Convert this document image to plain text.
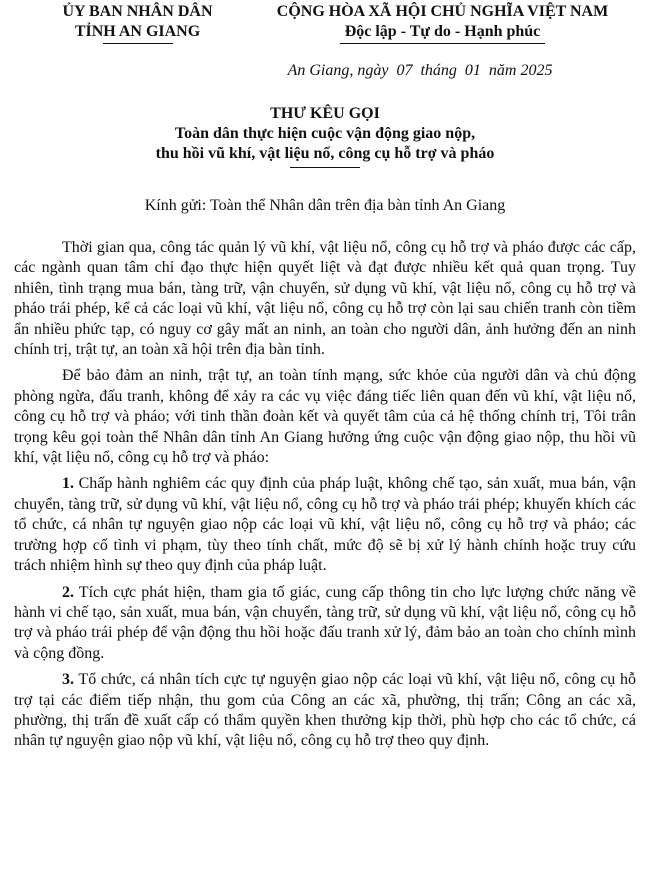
ỦY BAN NHÂN DÂN
TỈNH AN GIANG
CỘNG HÒA XÃ HỘI CHỦ NGHĨA VIỆT NAM
Độc lập - Tự do - Hạnh phúc
An Giang, ngày  07  tháng  01  năm 2025
THƯ KÊU GỌI
Toàn dân thực hiện cuộc vận động giao nộp,
thu hồi vũ khí, vật liệu nổ, công cụ hỗ trợ và pháo
Kính gửi: Toàn thể Nhân dân trên địa bàn tỉnh An Giang

Thời gian qua, công tác quản lý vũ khí, vật liệu nổ, công cụ hỗ trợ và pháo được các cấp, các ngành quan tâm chỉ đạo thực hiện quyết liệt và đạt được nhiều kết quả quan trọng. Tuy nhiên, tình trạng mua bán, tàng trữ, vận chuyển, sử dụng vũ khí, vật liệu nổ, công cụ hỗ trợ và pháo trái phép, kể cả các loại vũ khí, vật liệu nổ, công cụ hỗ trợ còn lại sau chiến tranh còn tiềm ẩn nhiều phức tạp, có nguy cơ gây mất an ninh, an toàn cho người dân, ảnh hưởng đến an ninh chính trị, trật tự, an toàn xã hội trên địa bàn tỉnh.

Để bảo đảm an ninh, trật tự, an toàn tính mạng, sức khỏe của người dân và chủ động phòng ngừa, đấu tranh, không để xảy ra các vụ việc đáng tiếc liên quan đến vũ khí, vật liệu nổ, công cụ hỗ trợ và pháo; với tinh thần đoàn kết và quyết tâm của cả hệ thống chính trị, Tôi trân trọng kêu gọi toàn thể Nhân dân tỉnh An Giang hưởng ứng cuộc vận động giao nộp, thu hồi vũ khí, vật liệu nổ, công cụ hỗ trợ và pháo:

1. Chấp hành nghiêm các quy định của pháp luật, không chế tạo, sản xuất, mua bán, vận chuyển, tàng trữ, sử dụng vũ khí, vật liệu nổ, công cụ hỗ trợ và pháo trái phép; khuyến khích các tổ chức, cá nhân tự nguyện giao nộp các loại vũ khí, vật liệu nổ, công cụ hỗ trợ và pháo; các trường hợp cố tình vi phạm, tùy theo tính chất, mức độ sẽ bị xử lý hành chính hoặc truy cứu trách nhiệm hình sự theo quy định của pháp luật.

2. Tích cực phát hiện, tham gia tố giác, cung cấp thông tin cho lực lượng chức năng về hành vi chế tạo, sản xuất, mua bán, vận chuyển, tàng trữ, sử dụng vũ khí, vật liệu nổ, công cụ hỗ trợ và pháo trái phép để vận động thu hồi hoặc đấu tranh xử lý, đảm bảo an toàn cho chính mình và cộng đồng.

3. Tổ chức, cá nhân tích cực tự nguyện giao nộp các loại vũ khí, vật liệu nổ, công cụ hỗ trợ tại các điểm tiếp nhận, thu gom của Công an các xã, phường, thị trấn; Công an các xã, phường, thị trấn đề xuất cấp có thẩm quyền khen thưởng kịp thời, phù hợp cho các tổ chức, cá nhân tự nguyện giao nộp vũ khí, vật liệu nổ, công cụ hỗ trợ theo quy định.
